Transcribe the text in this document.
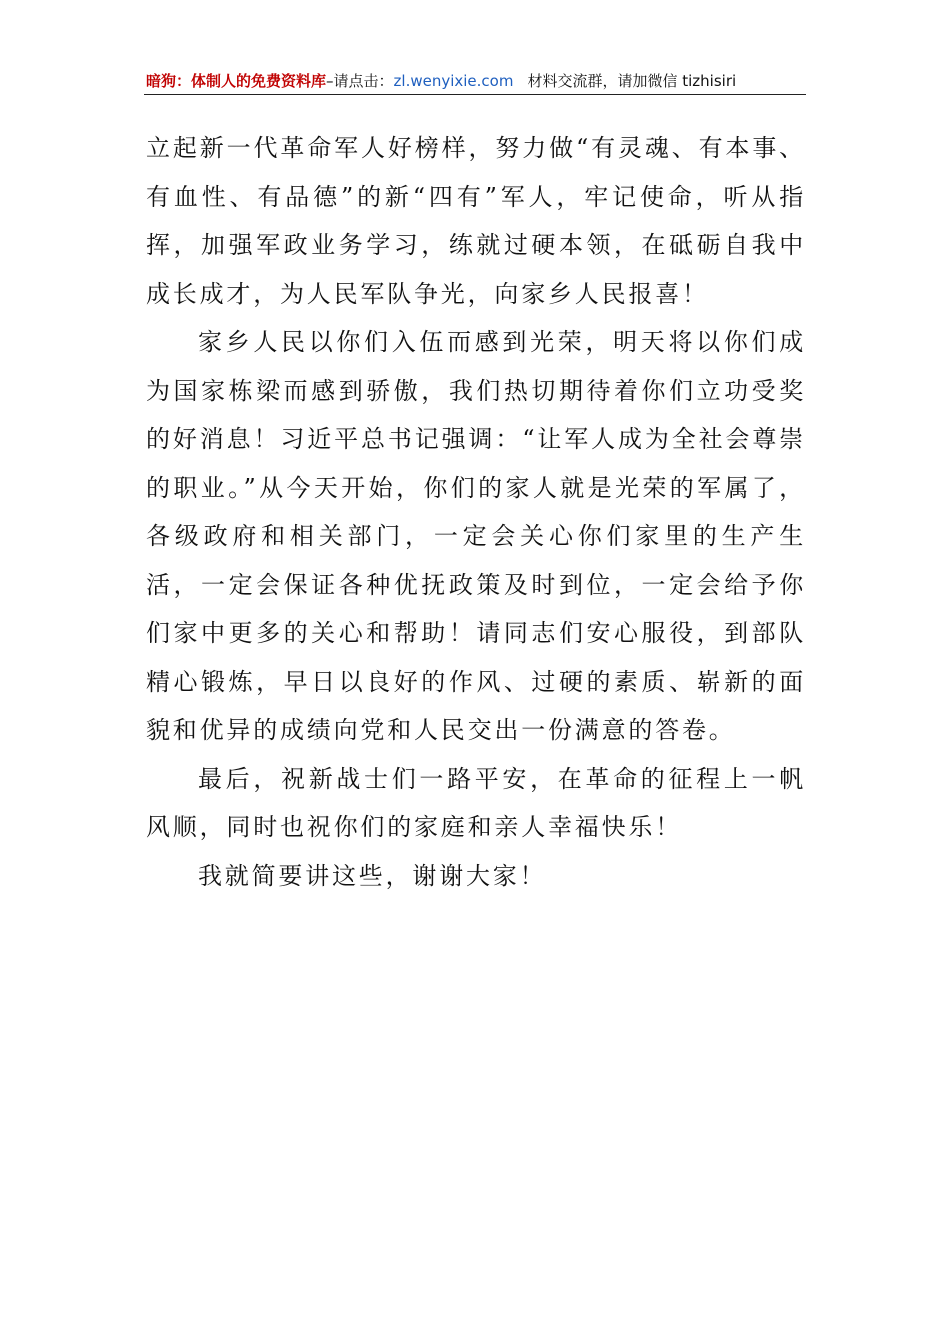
暗狗：体制人的免费资料库–请点击：zl.wenyixie.com 材料交流群，请加微信 tizhisiri

立起新一代革命军人好榜样，努力做“有灵魂、有本事、有血性、有品德”的新“四有”军人，牢记使命，听从指挥，加强军政业务学习，练就过硬本领，在砥砺自我中成长成才，为人民军队争光，向家乡人民报喜！

家乡人民以你们入伍而感到光荣，明天将以你们成为国家栋梁而感到骄傲，我们热切期待着你们立功受奖的好消息！习近平总书记强调：“让军人成为全社会尊崇的职业。”从今天开始，你们的家人就是光荣的军属了，各级政府和相关部门，一定会关心你们家里的生产生活，一定会保证各种优抚政策及时到位，一定会给予你们家中更多的关心和帮助！请同志们安心服役，到部队精心锻炼，早日以良好的作风、过硬的素质、崭新的面貌和优异的成绩向党和人民交出一份满意的答卷。

最后，祝新战士们一路平安，在革命的征程上一帆风顺，同时也祝你们的家庭和亲人幸福快乐！

我就简要讲这些，谢谢大家！
